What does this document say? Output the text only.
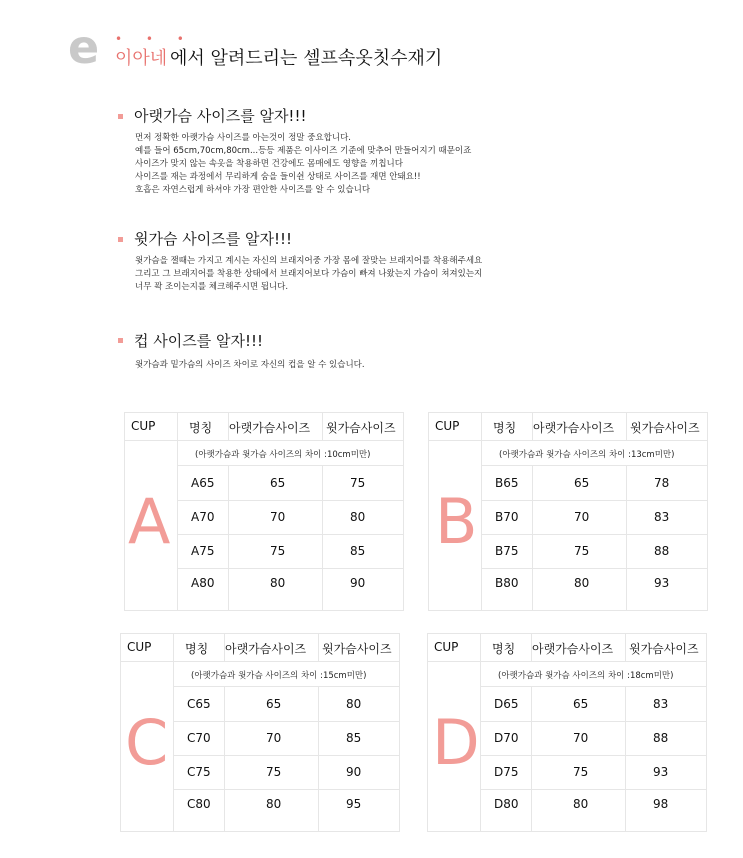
e • • •
이아네 에서 알려드리는 셀프속옷칫수재기
아랫가슴 사이즈를 알자!!!
먼저 정확한 아랫가슴 사이즈를 아는것이 정말 중요합니다.
예를 들어 65cm,70cm,80cm...등등 제품은 이사이즈 기준에 맞추어 만들어지기 때문이죠
사이즈가 맞지 않는 속옷을 착용하면 건강에도 몸매에도 영향을 끼칩니다
사이즈를 재는 과정에서 무리하게 숨을 들이쉰 상태로 사이즈를 재면 안돼요!!
호흡은 자연스럽게 하셔야 가장 편안한 사이즈를 알 수 있습니다
윗가슴 사이즈를 알자!!!
윗가슴을 잴때는 가지고 계시는 자신의 브래지어중 가장 몸에 잘맞는 브래지어를 착용해주세요
그리고 그 브래지어를 착용한 상태에서 브래지어보다 가슴이 빠져 나왔는지 가슴이 쳐져있는지
너무 꽉 조이는지를 체크해주시면 됩니다.
컵 사이즈를 알자!!!
윗가슴과 밑가슴의 사이즈 차이로 자신의 컵을 알 수 있습니다.
CUP	명칭 아랫가슴사이즈 윗가슴사이즈
(아랫가슴과 윗가슴 사이즈의 차이 :10cm미만)
A
A65	65	75
A70	70	80
A75	75	85
A80	80	90
CUP	명칭 아랫가슴사이즈 윗가슴사이즈
(아랫가슴과 윗가슴 사이즈의 차이 :13cm미만)
B
B65	65	78
B70	70	83
B75	75	88
B80	80	93
CUP	명칭 아랫가슴사이즈 윗가슴사이즈
(아랫가슴과 윗가슴 사이즈의 차이 :15cm미만)
C
C65	65	80
C70	70	85
C75	75	90
C80	80	95
CUP	명칭 아랫가슴사이즈 윗가슴사이즈
(아랫가슴과 윗가슴 사이즈의 차이 :18cm미만)
D
D65	65	83
D70	70	88
D75	75	93
D80	80	98
